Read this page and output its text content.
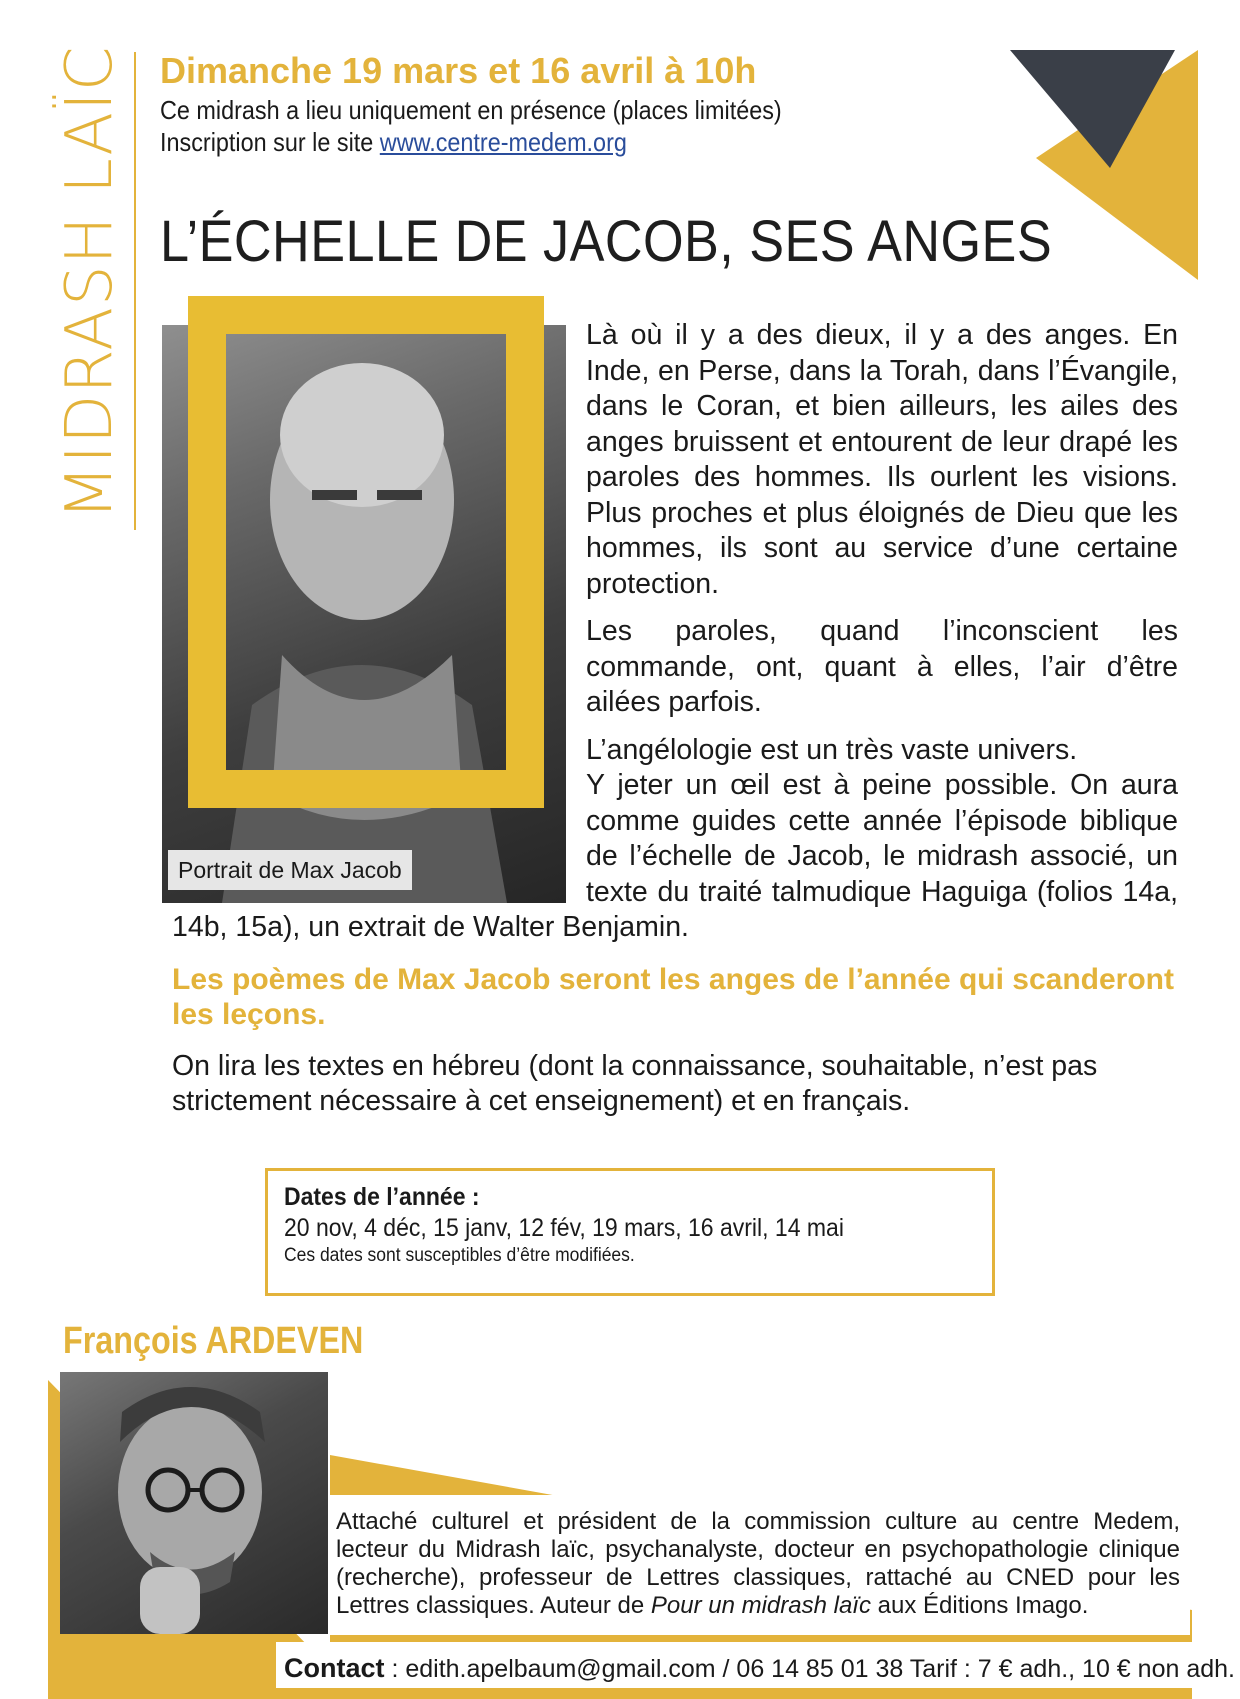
MIDRASH LAÏC Dimanche 19 mars et 16 avril à 10h
Ce midrash a lieu uniquement en présence (places limitées)
Inscription sur le site www.centre-medem.org
L’ÉCHELLE DE JACOB, SES ANGES
Portrait de Max Jacob

Là où il y a des dieux, il y a des anges. En Inde, en Perse, dans la Torah, dans l’Évangile, dans le Coran, et bien ailleurs, les ailes des anges bruissent et entourent de leur drapé les paroles des hommes. Ils ourlent les visions. Plus proches et plus éloignés de Dieu que les hommes, ils sont au service d’une certaine protection.

Les paroles, quand l’inconscient les commande, ont, quant à elles, l’air d’être ailées parfois.

L’angélologie est un très vaste univers.
Y jeter un œil est à peine possible. On aura comme guides cette année l’épisode biblique de l’échelle de Jacob, le midrash associé, un texte du traité talmudique Haguiga (folios 14a, 14b, 15a), un extrait de Walter Benjamin.

Les poèmes de Max Jacob seront les anges de l’année qui scanderont les leçons.

On lira les textes en hébreu (dont la connaissance, souhaitable, n’est pas strictement nécessaire à cet enseignement) et en français.

Dates de l’année :
20 nov, 4 déc, 15 janv, 12 fév, 19 mars, 16 avril, 14 mai
Ces dates sont susceptibles d’être modifiées.
François ARDEVEN
Attaché culturel et président de la commission culture au centre Medem, lecteur du Midrash laïc, psychanalyste, docteur en psychopathologie clinique (recherche), professeur de Lettres classiques, rattaché au CNED pour les Lettres classiques. Auteur de Pour un midrash laïc aux Éditions Imago.
Contact : edith.apelbaum@gmail.com / 06 14 85 01 38 Tarif : 7 € adh., 10 € non adh.
